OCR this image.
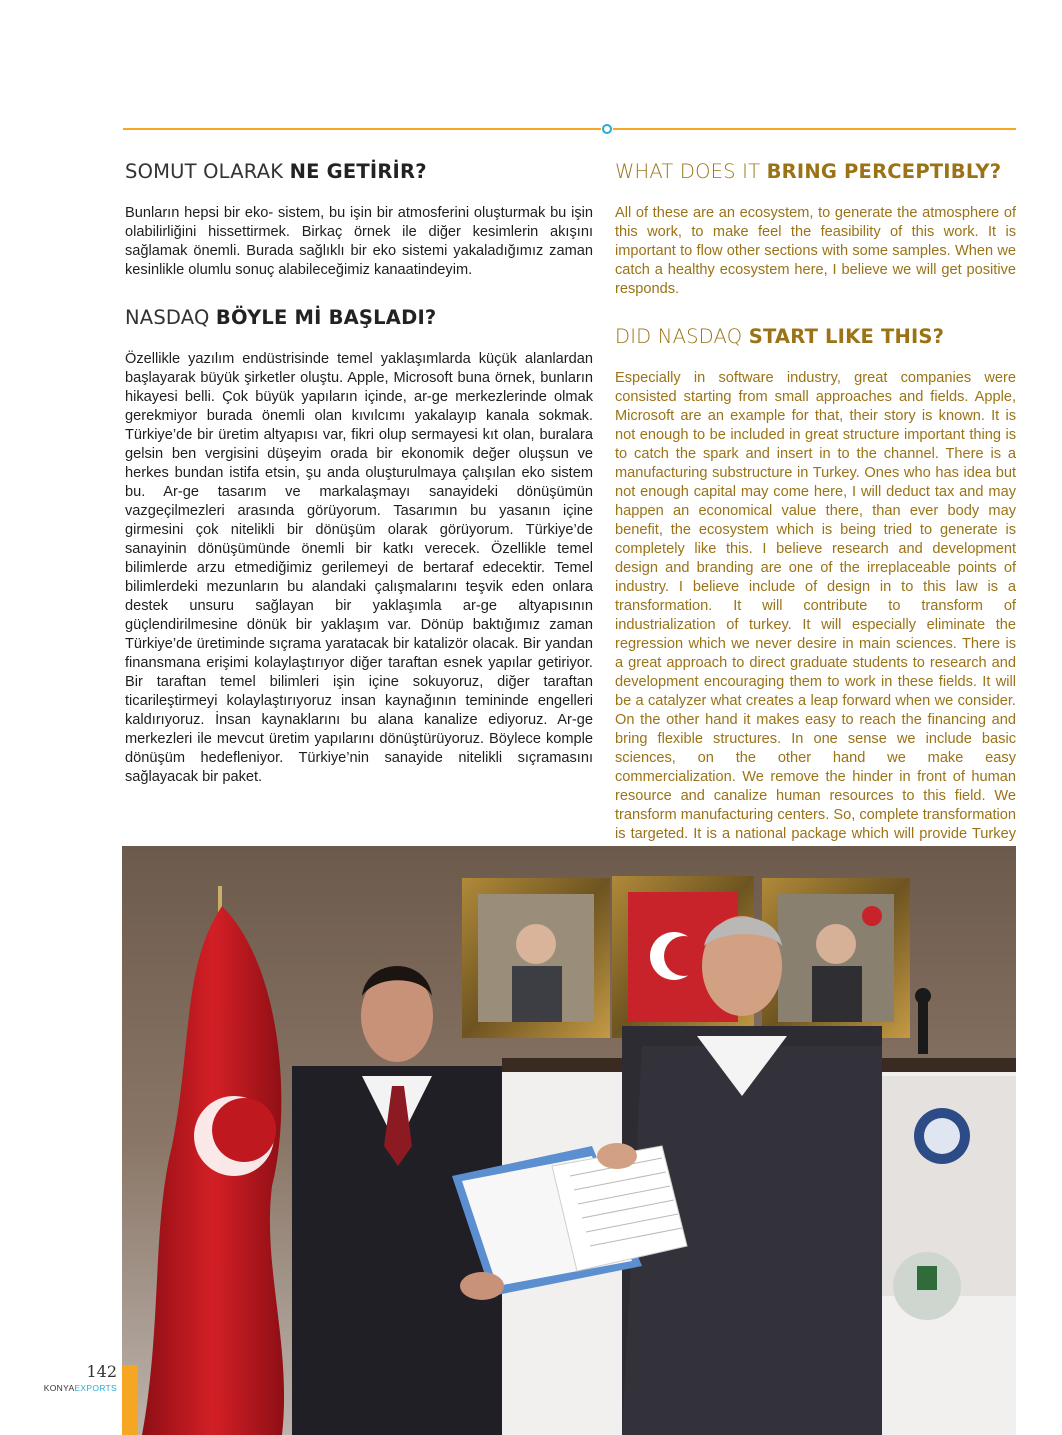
SOMUT OLARAK NE GETİRİR?

Bunların hepsi bir eko- sistem, bu işin bir atmosferini oluşturmak bu işin olabilirliğini hissettirmek. Birkaç örnek ile diğer kesimlerin akışını sağlamak önemli. Burada sağlıklı bir eko sistemi yakaladığımız zaman kesinlikle olumlu sonuç alabileceğimiz kanaatindeyim.

NASDAQ BÖYLE Mİ BAŞLADI?

Özellikle yazılım endüstrisinde temel yaklaşımlarda küçük alanlardan başlayarak büyük şirketler oluştu. Apple, Microsoft buna örnek, bunların hikayesi belli. Çok büyük yapıların içinde, ar-ge merkezlerinde olmak gerekmiyor burada önemli olan kıvılcımı yakalayıp kanala sokmak. Türkiye’de bir üretim altyapısı var, fikri olup sermayesi kıt olan, buralara gelsin ben vergisini düşeyim orada bir ekonomik değer oluşsun ve herkes bundan istifa etsin, şu anda oluşturulmaya çalışılan eko sistem bu. Ar-ge tasarım ve markalaşmayı sanayideki dönüşümün vazgeçilmezleri arasında görüyorum. Tasarımın bu yasanın içine girmesini çok nitelikli bir dönüşüm olarak görüyorum. Türkiye’de sanayinin dönüşümünde önemli bir katkı verecek. Özellikle temel bilimlerde arzu etmediğimiz gerilemeyi de bertaraf edecektir. Temel bilimlerdeki mezunların bu alandaki çalışmalarını teşvik eden onlara destek unsuru sağlayan bir yaklaşımla ar-ge altyapısının güçlendirilmesine dönük bir yaklaşım var. Dönüp baktığımız zaman Türkiye’de üretiminde sıçrama yaratacak bir katalizör olacak. Bir yandan finansmana erişimi kolaylaştırıyor diğer taraftan esnek yapılar getiriyor. Bir taraftan temel bilimleri işin içine sokuyoruz, diğer taraftan ticarileştirmeyi kolaylaştırıyoruz insan kaynağının temininde engelleri kaldırıyoruz. İnsan kaynaklarını bu alana kanalize ediyoruz. Ar-ge merkezleri ile mevcut üretim yapılarını dönüştürüyoruz. Böylece komple dönüşüm hedefleniyor. Türkiye’nin sanayide nitelikli sıçramasını sağlayacak bir paket.

WHAT DOES IT BRING PERCEPTIBLY?

All of these are an ecosystem, to generate the atmosphere of this work, to make feel the feasibility of this work. It is important to flow other sections with some samples. When we catch a healthy ecosystem here, I believe we will get positive responds.

DID NASDAQ START LIKE THIS?

Especially in software industry, great companies were consisted starting from small approaches and fields. Apple, Microsoft are an example for that, their story is known. It is not enough to be included in great structure important thing is to catch the spark and insert in to the channel. There is a manufacturing substructure in Turkey. Ones who has idea but not enough capital may come here, I will deduct tax and may happen an economical value there, than ever body may benefit, the ecosystem which is being tried to generate is completely like this. I believe research and development design and branding are one of the irreplaceable points of industry. I believe include of design in to this law is a transformation. It will contribute to transform of industrialization of turkey. It will especially eliminate the regression which we never desire in main sciences. There is a great approach to direct graduate students to research and development encouraging them to work in these fields. It will be a catalyzer what creates a leap forward when we consider. On the other hand it makes easy to reach the financing and bring flexible structures. In one sense we include basic sciences, on the other hand we make easy commercialization. We remove the hinder in front of human resource and canalize human resources to this field. We transform manufacturing centers. So, complete transformation is targeted. It is a national package which will provide Turkey

142
KONYAEXPORTS
